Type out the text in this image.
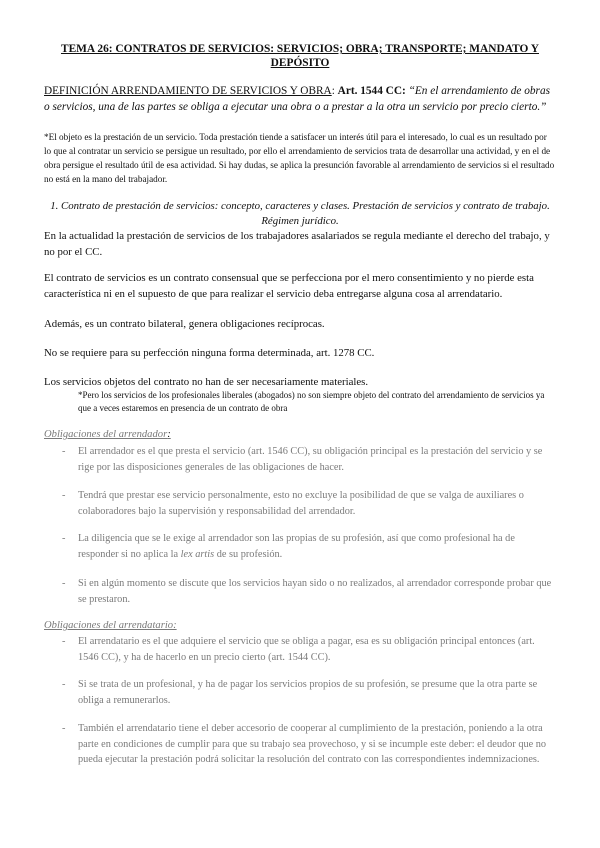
TEMA 26: CONTRATOS DE SERVICIOS: SERVICIOS; OBRA; TRANSPORTE; MANDATO Y DEPÓSITO
DEFINICIÓN ARRENDAMIENTO DE SERVICIOS Y OBRA: Art. 1544 CC: “En el arrendamiento de obras o servicios, una de las partes se obliga a ejecutar una obra o a prestar a la otra un servicio por precio cierto.”
*El objeto es la prestación de un servicio. Toda prestación tiende a satisfacer un interés útil para el interesado, lo cual es un resultado por lo que al contratar un servicio se persigue un resultado, por ello el arrendamiento de servicios trata de desarrollar una actividad, y en el de obra persigue el resultado útil de esa actividad. Si hay dudas, se aplica la presunción favorable al arrendamiento de servicios si el resultado no está en la mano del trabajador.
1. Contrato de prestación de servicios: concepto, caracteres y clases. Prestación de servicios y contrato de trabajo. Régimen jurídico.
En la actualidad la prestación de servicios de los trabajadores asalariados se regula mediante el derecho del trabajo, y no por el CC.
El contrato de servicios es un contrato consensual que se perfecciona por el mero consentimiento y no pierde esta característica ni en el supuesto de que para realizar el servicio deba entregarse alguna cosa al arrendatario.
Además, es un contrato bilateral, genera obligaciones recíprocas.
No se requiere para su perfección ninguna forma determinada, art. 1278 CC.
Los servicios objetos del contrato no han de ser necesariamente materiales.
*Pero los servicios de los profesionales liberales (abogados) no son siempre objeto del contrato del arrendamiento de servicios ya que a veces estaremos en presencia de un contrato de obra
Obligaciones del arrendador:
-	El arrendador es el que presta el servicio (art. 1546 CC), su obligación principal es la prestación del servicio y se rige por las disposiciones generales de las obligaciones de hacer.
-	Tendrá que prestar ese servicio personalmente, esto no excluye la posibilidad de que se valga de auxiliares o colaboradores bajo la supervisión y responsabilidad del arrendador.
-	La diligencia que se le exige al arrendador son las propias de su profesión, así que como profesional ha de responder si no aplica la lex artis de su profesión.
-	Si en algún momento se discute que los servicios hayan sido o no realizados, al arrendador corresponde probar que se prestaron.
Obligaciones del arrendatario:
-	El arrendatario es el que adquiere el servicio que se obliga a pagar, esa es su obligación principal entonces (art. 1546 CC), y ha de hacerlo en un precio cierto (art. 1544 CC).
-	Si se trata de un profesional, y ha de pagar los servicios propios de su profesión, se presume que la otra parte se obliga a remunerarlos.
-	También el arrendatario tiene el deber accesorio de cooperar al cumplimiento de la prestación, poniendo a la otra parte en condiciones de cumplir para que su trabajo sea provechoso, y si se incumple este deber: el deudor que no pueda ejecutar la prestación podrá solicitar la resolución del contrato con las correspondientes indemnizaciones.
